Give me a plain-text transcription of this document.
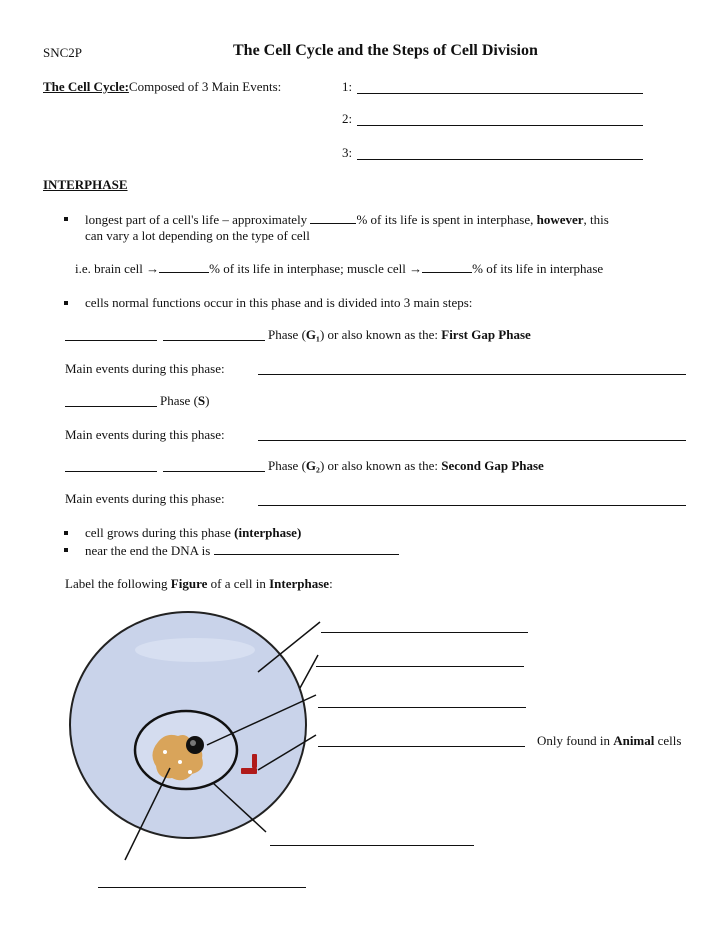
SNC2P	The Cell Cycle and the Steps of Cell Division
The Cell Cycle:Composed of 3 Main Events:	1:
2:
3:
INTERPHASE
longest part of a cell's life – approximately	% of its life is spent in interphase, however, this
can vary a lot depending on the type of cell
i.e. brain cell →	% of its life in interphase; muscle cell →	% of its life in interphase
cells normal functions occur in this phase and is divided into 3 main steps:
Phase (G₁) or also known as the: First Gap Phase
Main events during this phase:
Phase (S)
Main events during this phase:
Phase (G₂) or also known as the: Second Gap Phase
Main events during this phase:
cell grows during this phase (interphase)
near the end the DNA is
Label the following Figure of a cell in Interphase:
Only found in Animal cells
